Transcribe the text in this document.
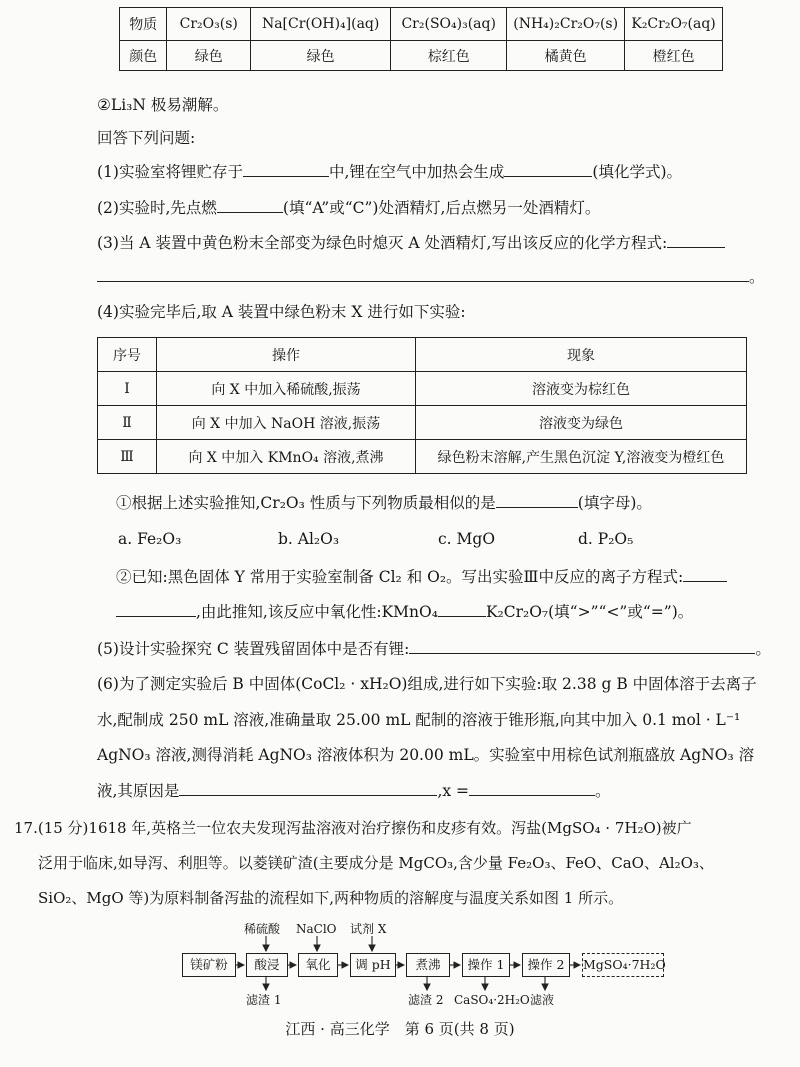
物质	Cr₂O₃(s)	Na[Cr(OH)₄](aq)	Cr₂(SO₄)₃(aq)	(NH₄)₂Cr₂O₇(s)	K₂Cr₂O₇(aq)
颜色	绿色	绿色	棕红色	橘黄色	橙红色
②Li₃N 极易潮解。
回答下列问题:
(1)实验室将锂贮存于	中,锂在空气中加热会生成	(填化学式)。
(2)实验时,先点燃	(填“A”或“C”)处酒精灯,后点燃另一处酒精灯。
(3)当 A 装置中黄色粉末全部变为绿色时熄灭 A 处酒精灯,写出该反应的化学方程式:
。
(4)实验完毕后,取 A 装置中绿色粉末 X 进行如下实验:
序号	操作	现象
Ⅰ	向 X 中加入稀硫酸,振荡	溶液变为棕红色
Ⅱ	向 X 中加入 NaOH 溶液,振荡	溶液变为绿色
Ⅲ	向 X 中加入 KMnO₄ 溶液,煮沸	绿色粉末溶解,产生黑色沉淀 Y,溶液变为橙红色
①根据上述实验推知,Cr₂O₃ 性质与下列物质最相似的是	(填字母)。
a. Fe₂O₃	b. Al₂O₃	c. MgO	d. P₂O₅
②已知:黑色固体 Y 常用于实验室制备 Cl₂ 和 O₂。写出实验Ⅲ中反应的离子方程式:
,由此推知,该反应中氧化性:KMnO₄	K₂Cr₂O₇(填“>”“<”或“=”)。
(5)设计实验探究 C 装置残留固体中是否有锂:	。
(6)为了测定实验后 B 中固体(CoCl₂ · xH₂O)组成,进行如下实验:取 2.38 g B 中固体溶于去离子
水,配制成 250 mL 溶液,准确量取 25.00 mL 配制的溶液于锥形瓶,向其中加入 0.1 mol · L⁻¹
AgNO₃ 溶液,测得消耗 AgNO₃ 溶液体积为 20.00 mL。实验室中用棕色试剂瓶盛放 AgNO₃ 溶
液,其原因是	,x =	。
17.(15 分)1618 年,英格兰一位农夫发现泻盐溶液对治疗擦伤和皮疹有效。泻盐(MgSO₄ · 7H₂O)被广
泛用于临床,如导泻、利胆等。以菱镁矿渣(主要成分是 MgCO₃,含少量 Fe₂O₃、FeO、CaO、Al₂O₃、
SiO₂、MgO 等)为原料制备泻盐的流程如下,两种物质的溶解度与温度关系如图 1 所示。
稀硫酸 NaClO 试剂 X
镁矿粉	酸浸	氧化	调 pH	煮沸	操作 1	操作 2	MgSO₄·7H₂O
滤渣 1	滤渣 2 CaSO₄·2H₂O 滤液
江西 · 高三化学　第 6 页(共 8 页)
